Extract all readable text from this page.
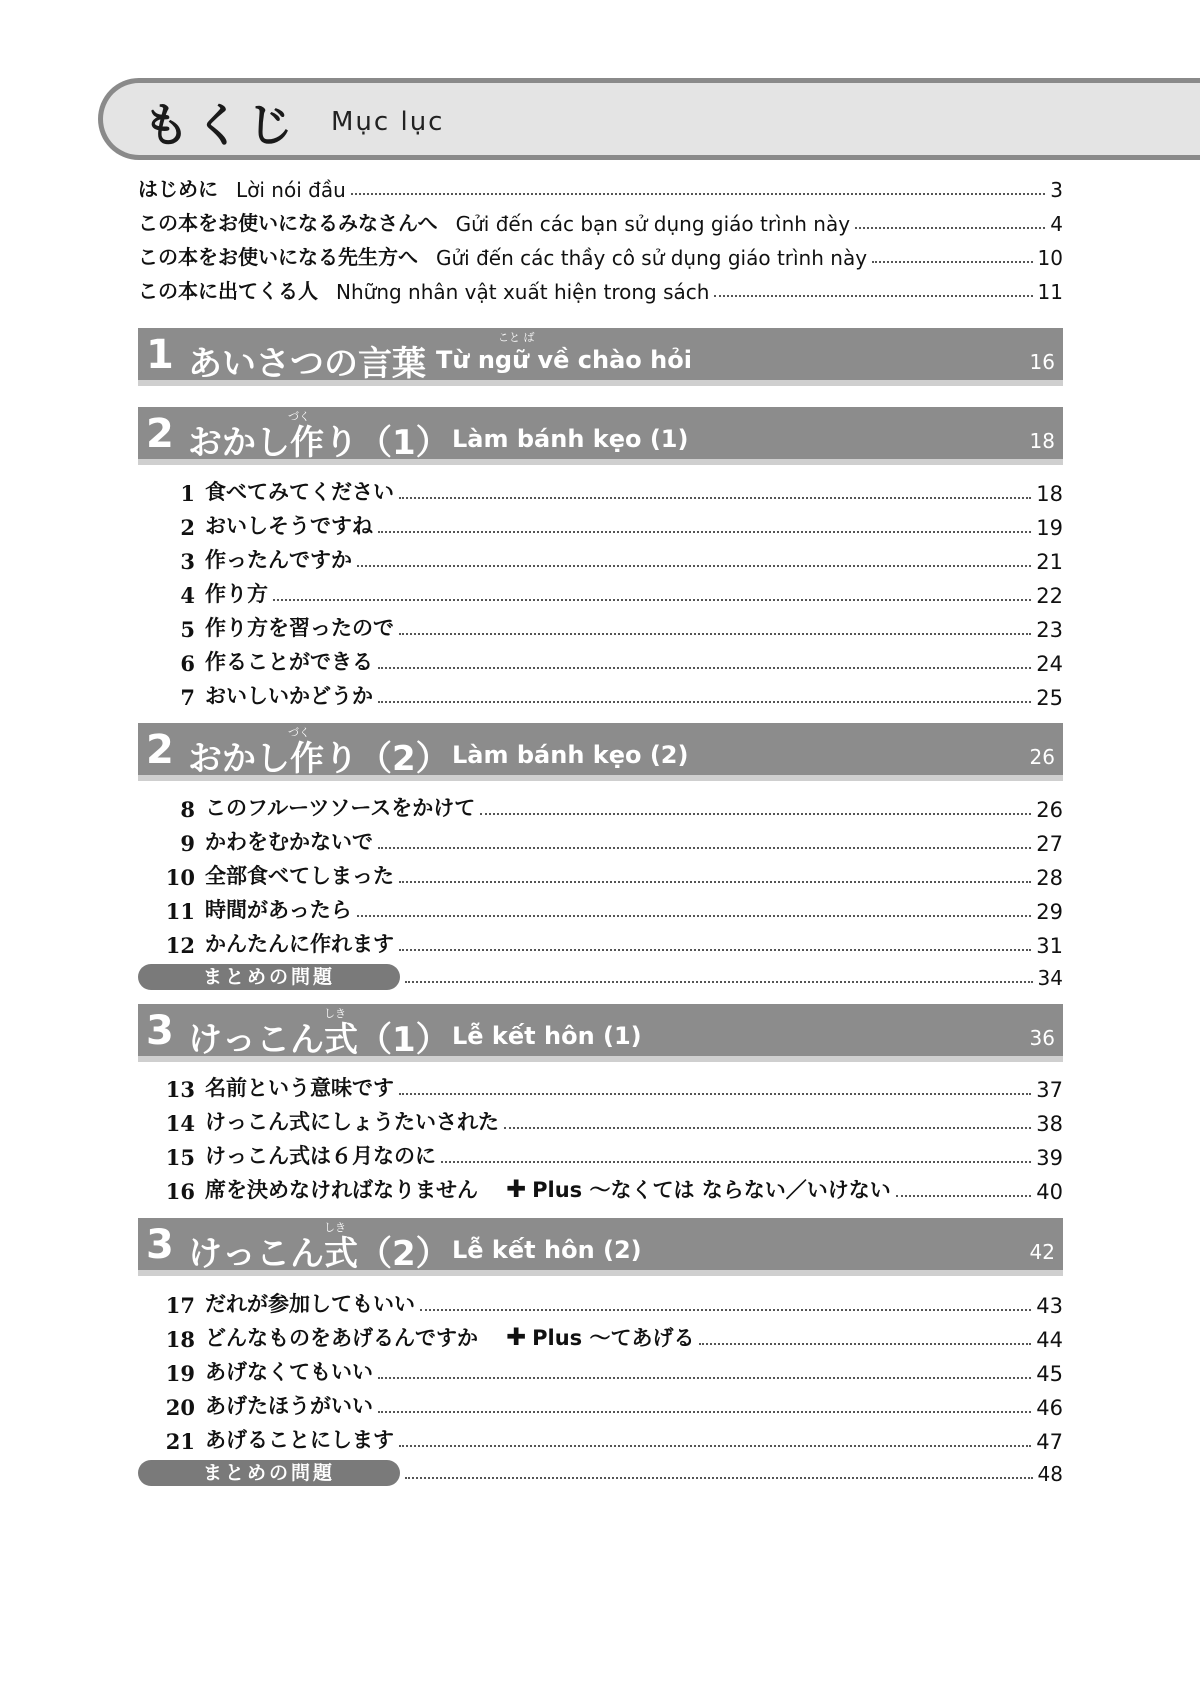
もくじ Mục lục
はじめに Lời nói đầu	3
この本をお使いになるみなさんへ Gửi đến các bạn sử dụng giáo trình này	4
この本をお使いになる先生方へ Gửi đến các thầy cô sử dụng giáo trình này	10
この本に出てくる人 Những nhân vật xuất hiện trong sách	11
こと ば
1 あいさつの言葉 Từ ngữ về chào hỏi	16
づく
2 おかし作り（1） Làm bánh kẹo (1)	18
1 食べてみてください	18
2 おいしそうですね	19
3 作ったんですか	21
4 作り方	22
5 作り方を習ったので	23
6 作ることができる	24
7 おいしいかどうか	25
づく
2 おかし作り（2） Làm bánh kẹo (2)	26
8 このフルーツソースをかけて	26
9 かわをむかないで	27
10 全部食べてしまった	28
11 時間があったら	29
12 かんたんに作れます	31
まとめの問題	34
しき
3 けっこん式（1） Lễ kết hôn (1)	36
13 名前という意味です	37
14 けっこん式にしょうたいされた	38
15 けっこん式は６月なのに	39
16 席を決めなければなりません ✚ Plus ～なくては ならない／いけない	40
しき
3 けっこん式（2） Lễ kết hôn (2)	42
17 だれが参加してもいい	43
18 どんなものをあげるんですか ✚ Plus ～てあげる	44
19 あげなくてもいい	45
20 あげたほうがいい	46
21 あげることにします	47
まとめの問題	48
